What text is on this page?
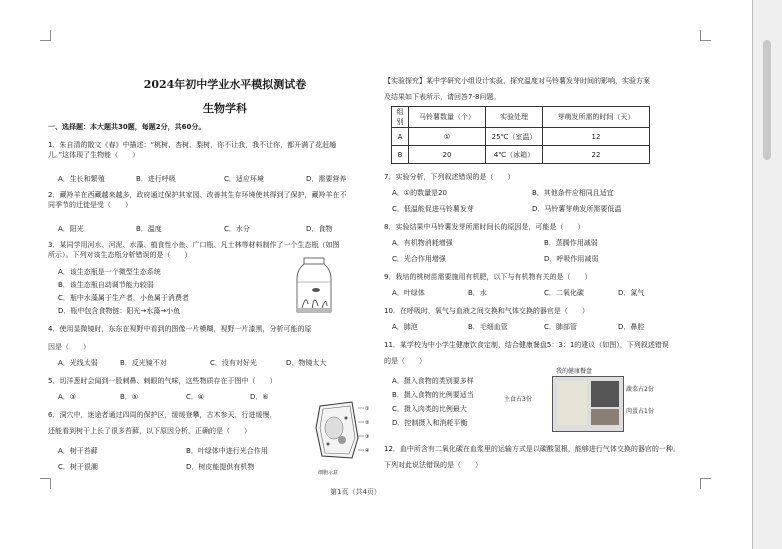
2024年初中学业水平模拟测试卷
生物学科

一、选择题：本大题共30题，每题2分，共60分。

1．朱自清的散文《春》中描述：“桃树、杏树、梨树，你不让我，我不让你，都开满了花赶趟

儿。”这体现了生物能（　　）

A．生长和繁殖	B．进行呼吸	C．适应环境	D．需要营养

2．藏羚羊在西藏越来越多，政府通过保护其家园、改善其生存环境使其得到了保护，藏羚羊在不

同季节的迁徙是受（　　）

A．阳光	B．温度	C．水分	D．食物

3．某同学用河水、河泥、水藻、植食性小鱼、广口瓶、凡士林等材料制作了一个生态瓶（如图

所示）。下列对该生态瓶分析错误的是（　　）

A．该生态瓶是一个微型生态系统

B．该生态瓶自动调节能力较弱

C．瓶中水藻属于生产者，小鱼属于消费者

D．瓶中包含食物链：阳光→水藻→小鱼

4．使用显微镜时，东东在视野中看到的图像一片模糊，视野一片漆黑，分析可能的原

因是（　　）

A．光线太弱	B．反光镜不对	C．没有对好光	D．物镜太大
5．切洋葱时会闻到一股刺鼻、刺眼的气味，这些物质存在于图中（　　）
A．③	B．⑤	C．④	D．⑥

6．洞穴中，迷途者通过四周的保护区，缓缓登攀，古木参天，行进缓慢，

还能看到树干上长了很多苔藓，以下原因分析，正确的是（　　）

A．树干苔藓	B．叶绿体中进行光合作用
C．树干很潮	D．树皮能提供有机物
①
②
③
④
细胞示意

【实验探究】某中学研究小组设计实验，探究温度对马铃薯发芽时间的影响，实验方案

及结果如下表所示，请回答7-8问题。

组别	马铃薯数量（个）	实验处理	芽萌发所需的时间（天）
A	①	25℃（室温）	12
B	20	4℃（冰箱）	22
7．实验分析，下列叙述错误的是（　　）
A．①的数量是20	B．其他条件应相同且适宜
C．低温能促进马铃薯发芽	D．马铃薯芽萌发所需要低温
8．实验结果中马铃薯发芽所需时间长的原因是，可能是（　　）
A．有机物消耗增强	B．蒸腾作用减弱
C．光合作用增强	D．呼吸作用减弱
9．栽培的桃树苗需要施用有机肥，以下与有机物有关的是（　　）
A．叶绿体	B．水	C．二氧化碳	D．氮气
10．在呼吸时，氧气与血液之间交换和气体交换的器官是（　　）
A．肺泡	B．毛细血管	C．肺部管	D．鼻腔

11．某学校为中小学生健康饮食定制，结合健康餐盘5：3：1的建议（如图），下列叙述错误

的是（　　）

A．摄入食物的类别要多样

B．摄入食物的比例要适当

C．摄入肉类的比例最大

D．控制摄入和消耗平衡

我的健康餐盘
主食占3份
蔬菜占2份
肉蛋占1份

12．血中所含有二氧化碳在血浆里的运输方式是以碳酸氢根，能够进行气体交换的器官的一种。

下列对此说法错误的是（　　）

第1页（共4页）
